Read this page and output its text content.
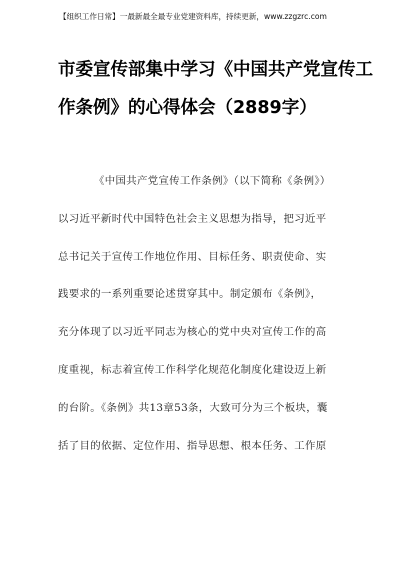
【组织工作日常】一最新最全最专业党建资料库，持续更新，www.zzgzrc.com
市委宣传部集中学习《中国共产党宣传工
作条例》的心得体会（2889字）
《中国共产党宣传工作条例》（以下简称《条例》）
以习近平新时代中国特色社会主义思想为指导，把习近平
总书记关于宣传工作地位作用、目标任务、职责使命、实
践要求的一系列重要论述贯穿其中。制定颁布《条例》，
充分体现了以习近平同志为核心的党中央对宣传工作的高
度重视，标志着宣传工作科学化规范化制度化建设迈上新
的台阶。《条例》共13章53条，大致可分为三个板块，囊
括了目的依据、定位作用、指导思想、根本任务、工作原
